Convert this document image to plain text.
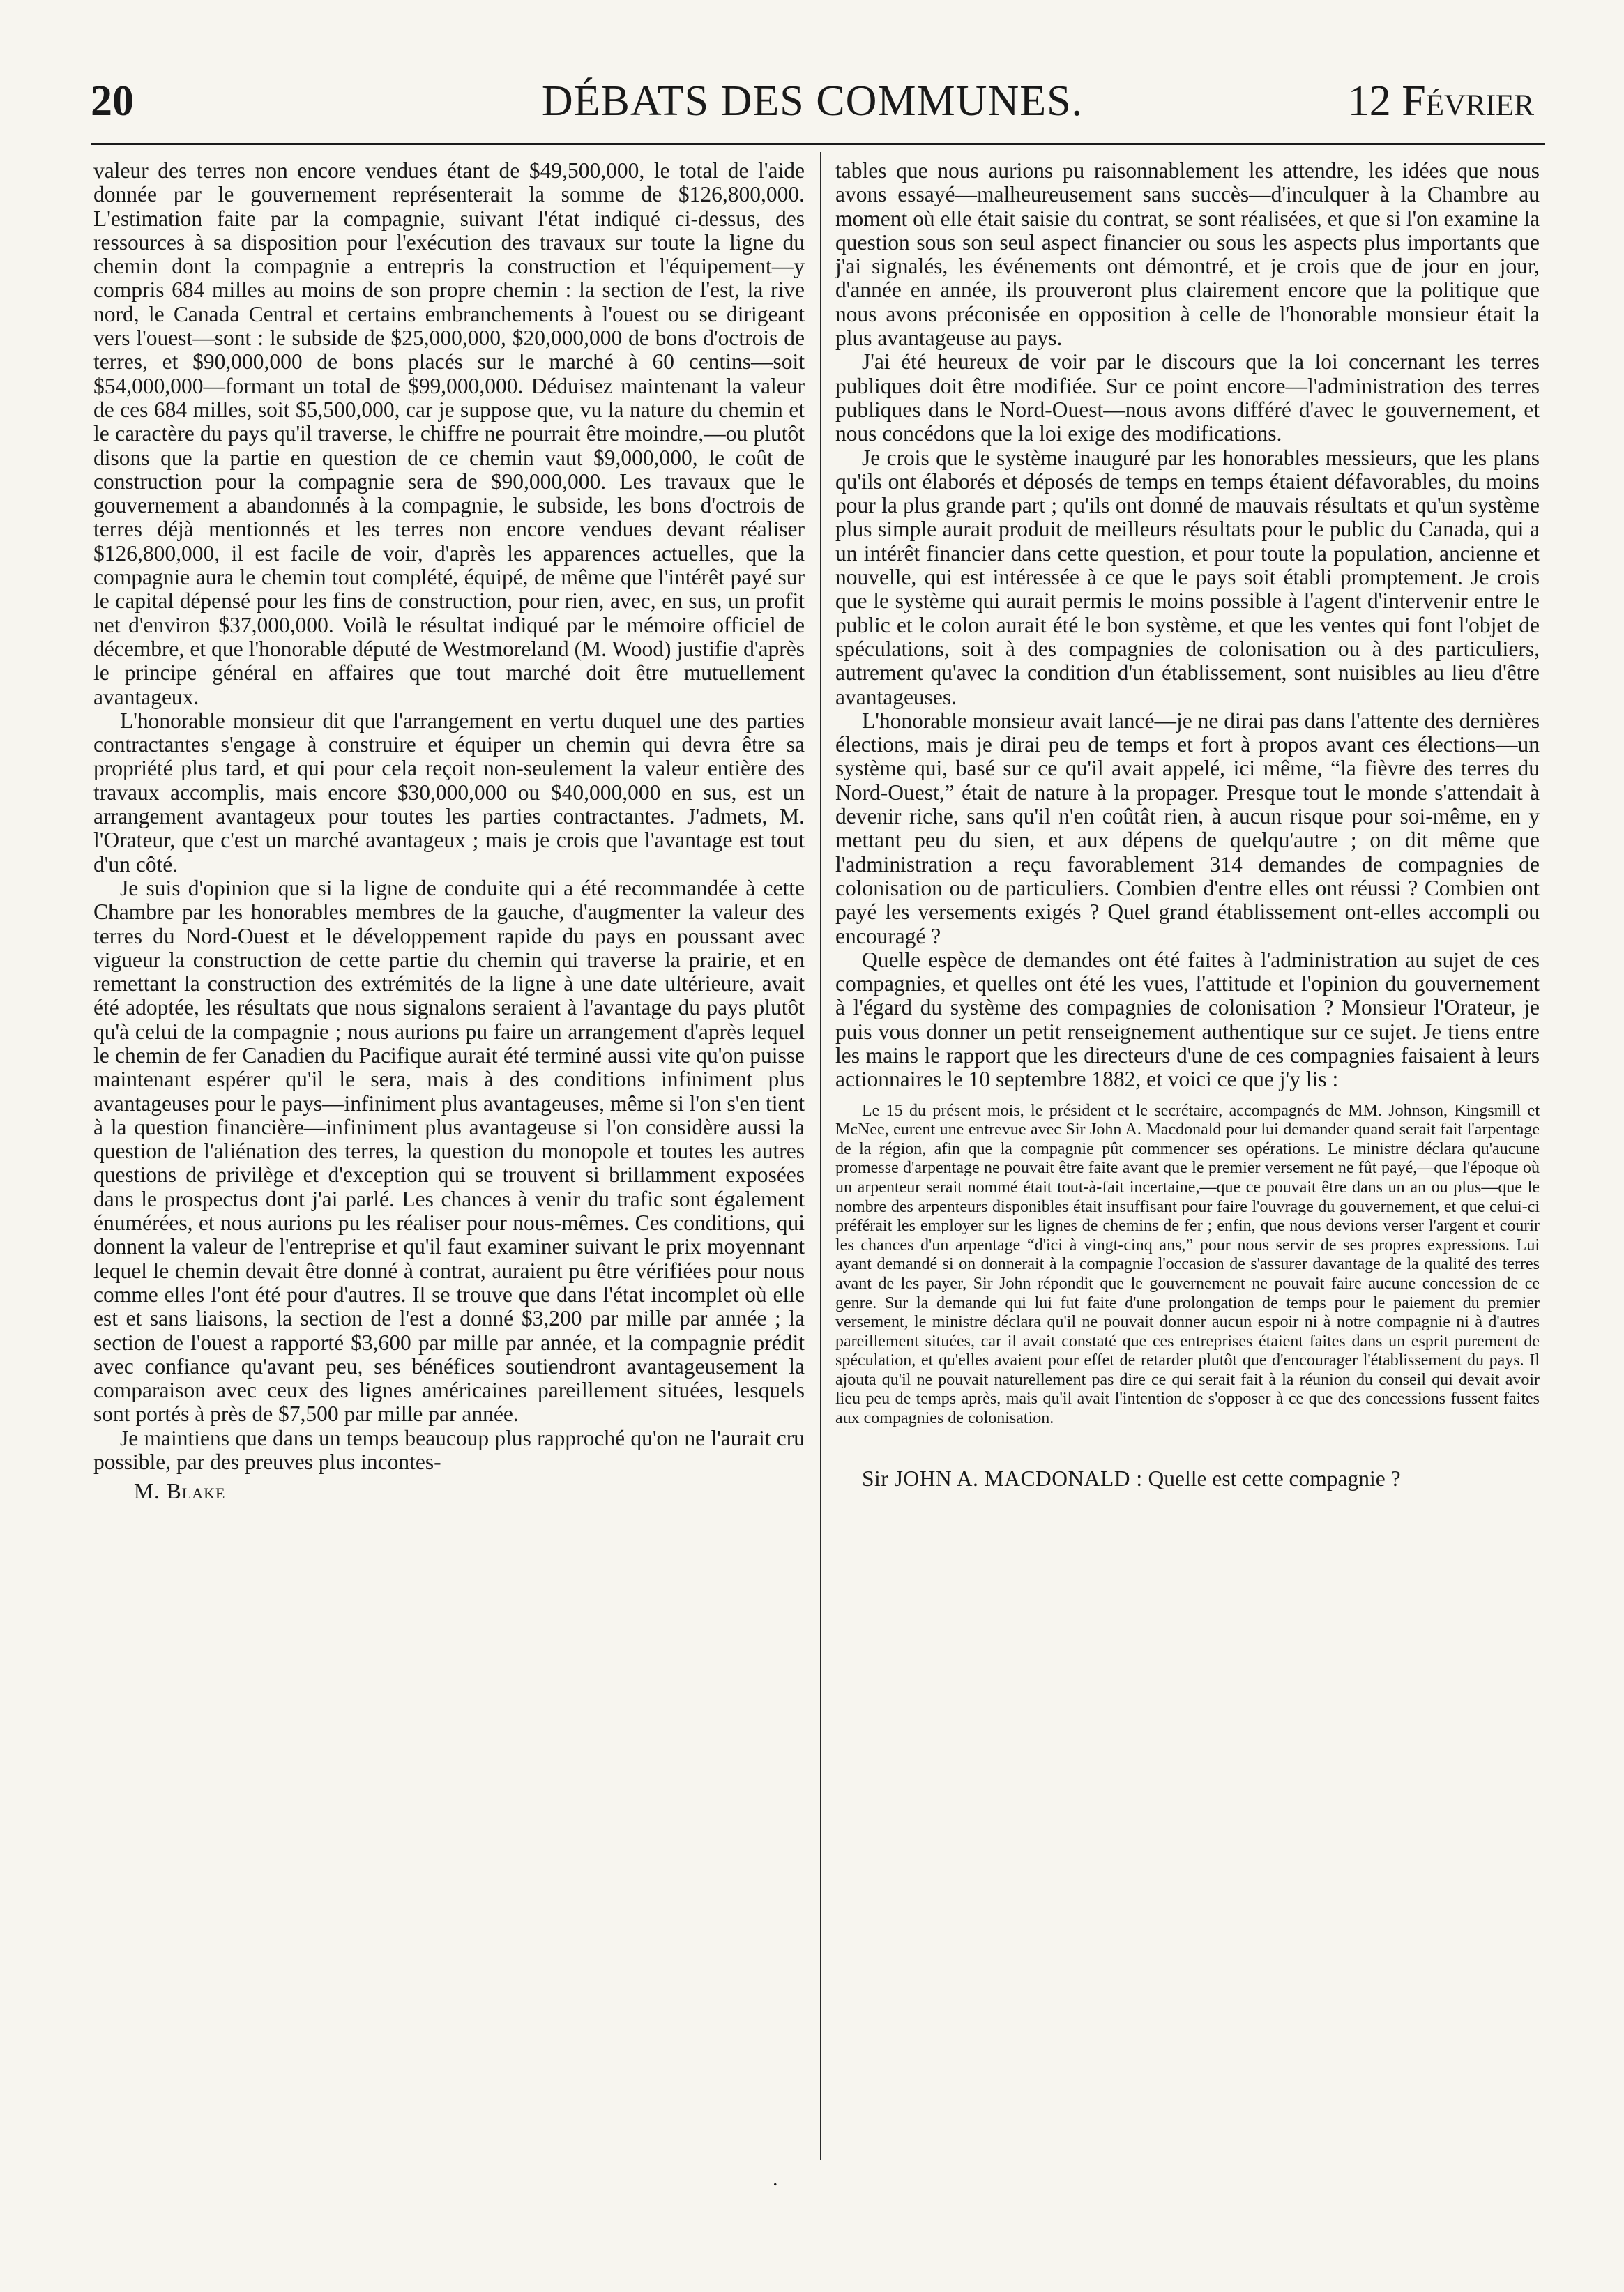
20	DÉBATS DES COMMUNES.	12 Février

valeur des terres non encore vendues étant de $49,500,000, le total de l'aide donnée par le gouvernement représenterait la somme de $126,800,000. L'estimation faite par la compagnie, suivant l'état indiqué ci-dessus, des ressources à sa disposition pour l'exécution des travaux sur toute la ligne du chemin dont la compagnie a entrepris la construction et l'équipement—y compris 684 milles au moins de son propre chemin : la section de l'est, la rive nord, le Canada Central et certains embranchements à l'ouest ou se dirigeant vers l'ouest—sont : le subside de $25,000,000, $20,000,000 de bons d'octrois de terres, et $90,000,000 de bons placés sur le marché à 60 centins—soit $54,000,000—formant un total de $99,000,000. Déduisez maintenant la valeur de ces 684 milles, soit $5,500,000, car je suppose que, vu la nature du chemin et le caractère du pays qu'il traverse, le chiffre ne pourrait être moindre,—ou plutôt disons que la partie en question de ce chemin vaut $9,000,000, le coût de construction pour la compagnie sera de $90,000,000. Les travaux que le gouvernement a abandonnés à la compagnie, le subside, les bons d'octrois de terres déjà mentionnés et les terres non encore vendues devant réaliser $126,800,000, il est facile de voir, d'après les apparences actuelles, que la compagnie aura le chemin tout complété, équipé, de même que l'intérêt payé sur le capital dépensé pour les fins de construction, pour rien, avec, en sus, un profit net d'environ $37,000,000. Voilà le résultat indiqué par le mémoire officiel de décembre, et que l'honorable député de Westmoreland (M. Wood) justifie d'après le principe général en affaires que tout marché doit être mutuellement avantageux.

L'honorable monsieur dit que l'arrangement en vertu duquel une des parties contractantes s'engage à construire et équiper un chemin qui devra être sa propriété plus tard, et qui pour cela reçoit non-seulement la valeur entière des travaux accomplis, mais encore $30,000,000 ou $40,000,000 en sus, est un arrangement avantageux pour toutes les parties contractantes. J'admets, M. l'Orateur, que c'est un marché avantageux ; mais je crois que l'avantage est tout d'un côté.

Je suis d'opinion que si la ligne de conduite qui a été recommandée à cette Chambre par les honorables membres de la gauche, d'augmenter la valeur des terres du Nord-Ouest et le développement rapide du pays en poussant avec vigueur la construction de cette partie du chemin qui traverse la prairie, et en remettant la construction des extrémités de la ligne à une date ultérieure, avait été adoptée, les résultats que nous signalons seraient à l'avantage du pays plutôt qu'à celui de la compagnie ; nous aurions pu faire un arrangement d'après lequel le chemin de fer Canadien du Pacifique aurait été terminé aussi vite qu'on puisse maintenant espérer qu'il le sera, mais à des conditions infiniment plus avantageuses pour le pays—infiniment plus avantageuses, même si l'on s'en tient à la question financière—infiniment plus avantageuse si l'on considère aussi la question de l'aliénation des terres, la question du monopole et toutes les autres questions de privilège et d'exception qui se trouvent si brillamment exposées dans le prospectus dont j'ai parlé. Les chances à venir du trafic sont également énumérées, et nous aurions pu les réaliser pour nous-mêmes. Ces conditions, qui donnent la valeur de l'entreprise et qu'il faut examiner suivant le prix moyennant lequel le chemin devait être donné à contrat, auraient pu être vérifiées pour nous comme elles l'ont été pour d'autres. Il se trouve que dans l'état incomplet où elle est et sans liaisons, la section de l'est a donné $3,200 par mille par année ; la section de l'ouest a rapporté $3,600 par mille par année, et la compagnie prédit avec confiance qu'avant peu, ses bénéfices soutiendront avantageusement la comparaison avec ceux des lignes américaines pareillement situées, lesquels sont portés à près de $7,500 par mille par année.

Je maintiens que dans un temps beaucoup plus rapproché qu'on ne l'aurait cru possible, par des preuves plus incontes-

M. Blake

tables que nous aurions pu raisonnablement les attendre, les idées que nous avons essayé—malheureusement sans succès—d'inculquer à la Chambre au moment où elle était saisie du contrat, se sont réalisées, et que si l'on examine la question sous son seul aspect financier ou sous les aspects plus importants que j'ai signalés, les événements ont démontré, et je crois que de jour en jour, d'année en année, ils prouveront plus clairement encore que la politique que nous avons préconisée en opposition à celle de l'honorable monsieur était la plus avantageuse au pays.

J'ai été heureux de voir par le discours que la loi concernant les terres publiques doit être modifiée. Sur ce point encore—l'administration des terres publiques dans le Nord-Ouest—nous avons différé d'avec le gouvernement, et nous concédons que la loi exige des modifications.

Je crois que le système inauguré par les honorables messieurs, que les plans qu'ils ont élaborés et déposés de temps en temps étaient défavorables, du moins pour la plus grande part ; qu'ils ont donné de mauvais résultats et qu'un système plus simple aurait produit de meilleurs résultats pour le public du Canada, qui a un intérêt financier dans cette question, et pour toute la population, ancienne et nouvelle, qui est intéressée à ce que le pays soit établi promptement. Je crois que le système qui aurait permis le moins possible à l'agent d'intervenir entre le public et le colon aurait été le bon système, et que les ventes qui font l'objet de spéculations, soit à des compagnies de colonisation ou à des particuliers, autrement qu'avec la condition d'un établissement, sont nuisibles au lieu d'être avantageuses.

L'honorable monsieur avait lancé—je ne dirai pas dans l'attente des dernières élections, mais je dirai peu de temps et fort à propos avant ces élections—un système qui, basé sur ce qu'il avait appelé, ici même, “la fièvre des terres du Nord-Ouest,” était de nature à la propager. Presque tout le monde s'attendait à devenir riche, sans qu'il n'en coûtât rien, à aucun risque pour soi-même, en y mettant peu du sien, et aux dépens de quelqu'autre ; on dit même que l'administration a reçu favorablement 314 demandes de compagnies de colonisation ou de particuliers. Combien d'entre elles ont réussi ? Combien ont payé les versements exigés ? Quel grand établissement ont-elles accompli ou encouragé ?

Quelle espèce de demandes ont été faites à l'administration au sujet de ces compagnies, et quelles ont été les vues, l'attitude et l'opinion du gouvernement à l'égard du système des compagnies de colonisation ? Monsieur l'Orateur, je puis vous donner un petit renseignement authentique sur ce sujet. Je tiens entre les mains le rapport que les directeurs d'une de ces compagnies faisaient à leurs actionnaires le 10 septembre 1882, et voici ce que j'y lis :

Le 15 du présent mois, le président et le secrétaire, accompagnés de MM. Johnson, Kingsmill et McNee, eurent une entrevue avec Sir John A. Macdonald pour lui demander quand serait fait l'arpentage de la région, afin que la compagnie pût commencer ses opérations. Le ministre déclara qu'aucune promesse d'arpentage ne pouvait être faite avant que le premier versement ne fût payé,—que l'époque où un arpenteur serait nommé était tout-à-fait incertaine,—que ce pouvait être dans un an ou plus—que le nombre des arpenteurs disponibles était insuffisant pour faire l'ouvrage du gouvernement, et que celui-ci préférait les employer sur les lignes de chemins de fer ; enfin, que nous devions verser l'argent et courir les chances d'un arpentage “d'ici à vingt-cinq ans,” pour nous servir de ses propres expressions. Lui ayant demandé si on donnerait à la compagnie l'occasion de s'assurer davantage de la qualité des terres avant de les payer, Sir John répondit que le gouvernement ne pouvait faire aucune concession de ce genre. Sur la demande qui lui fut faite d'une prolongation de temps pour le paiement du premier versement, le ministre déclara qu'il ne pouvait donner aucun espoir ni à notre compagnie ni à d'autres pareillement situées, car il avait constaté que ces entreprises étaient faites dans un esprit purement de spéculation, et qu'elles avaient pour effet de retarder plutôt que d'encourager l'établissement du pays. Il ajouta qu'il ne pouvait naturellement pas dire ce qui serait fait à la réunion du conseil qui devait avoir lieu peu de temps après, mais qu'il avait l'intention de s'opposer à ce que des concessions fussent faites aux compagnies de colonisation.

Sir JOHN A. MACDONALD : Quelle est cette compagnie ?

.
